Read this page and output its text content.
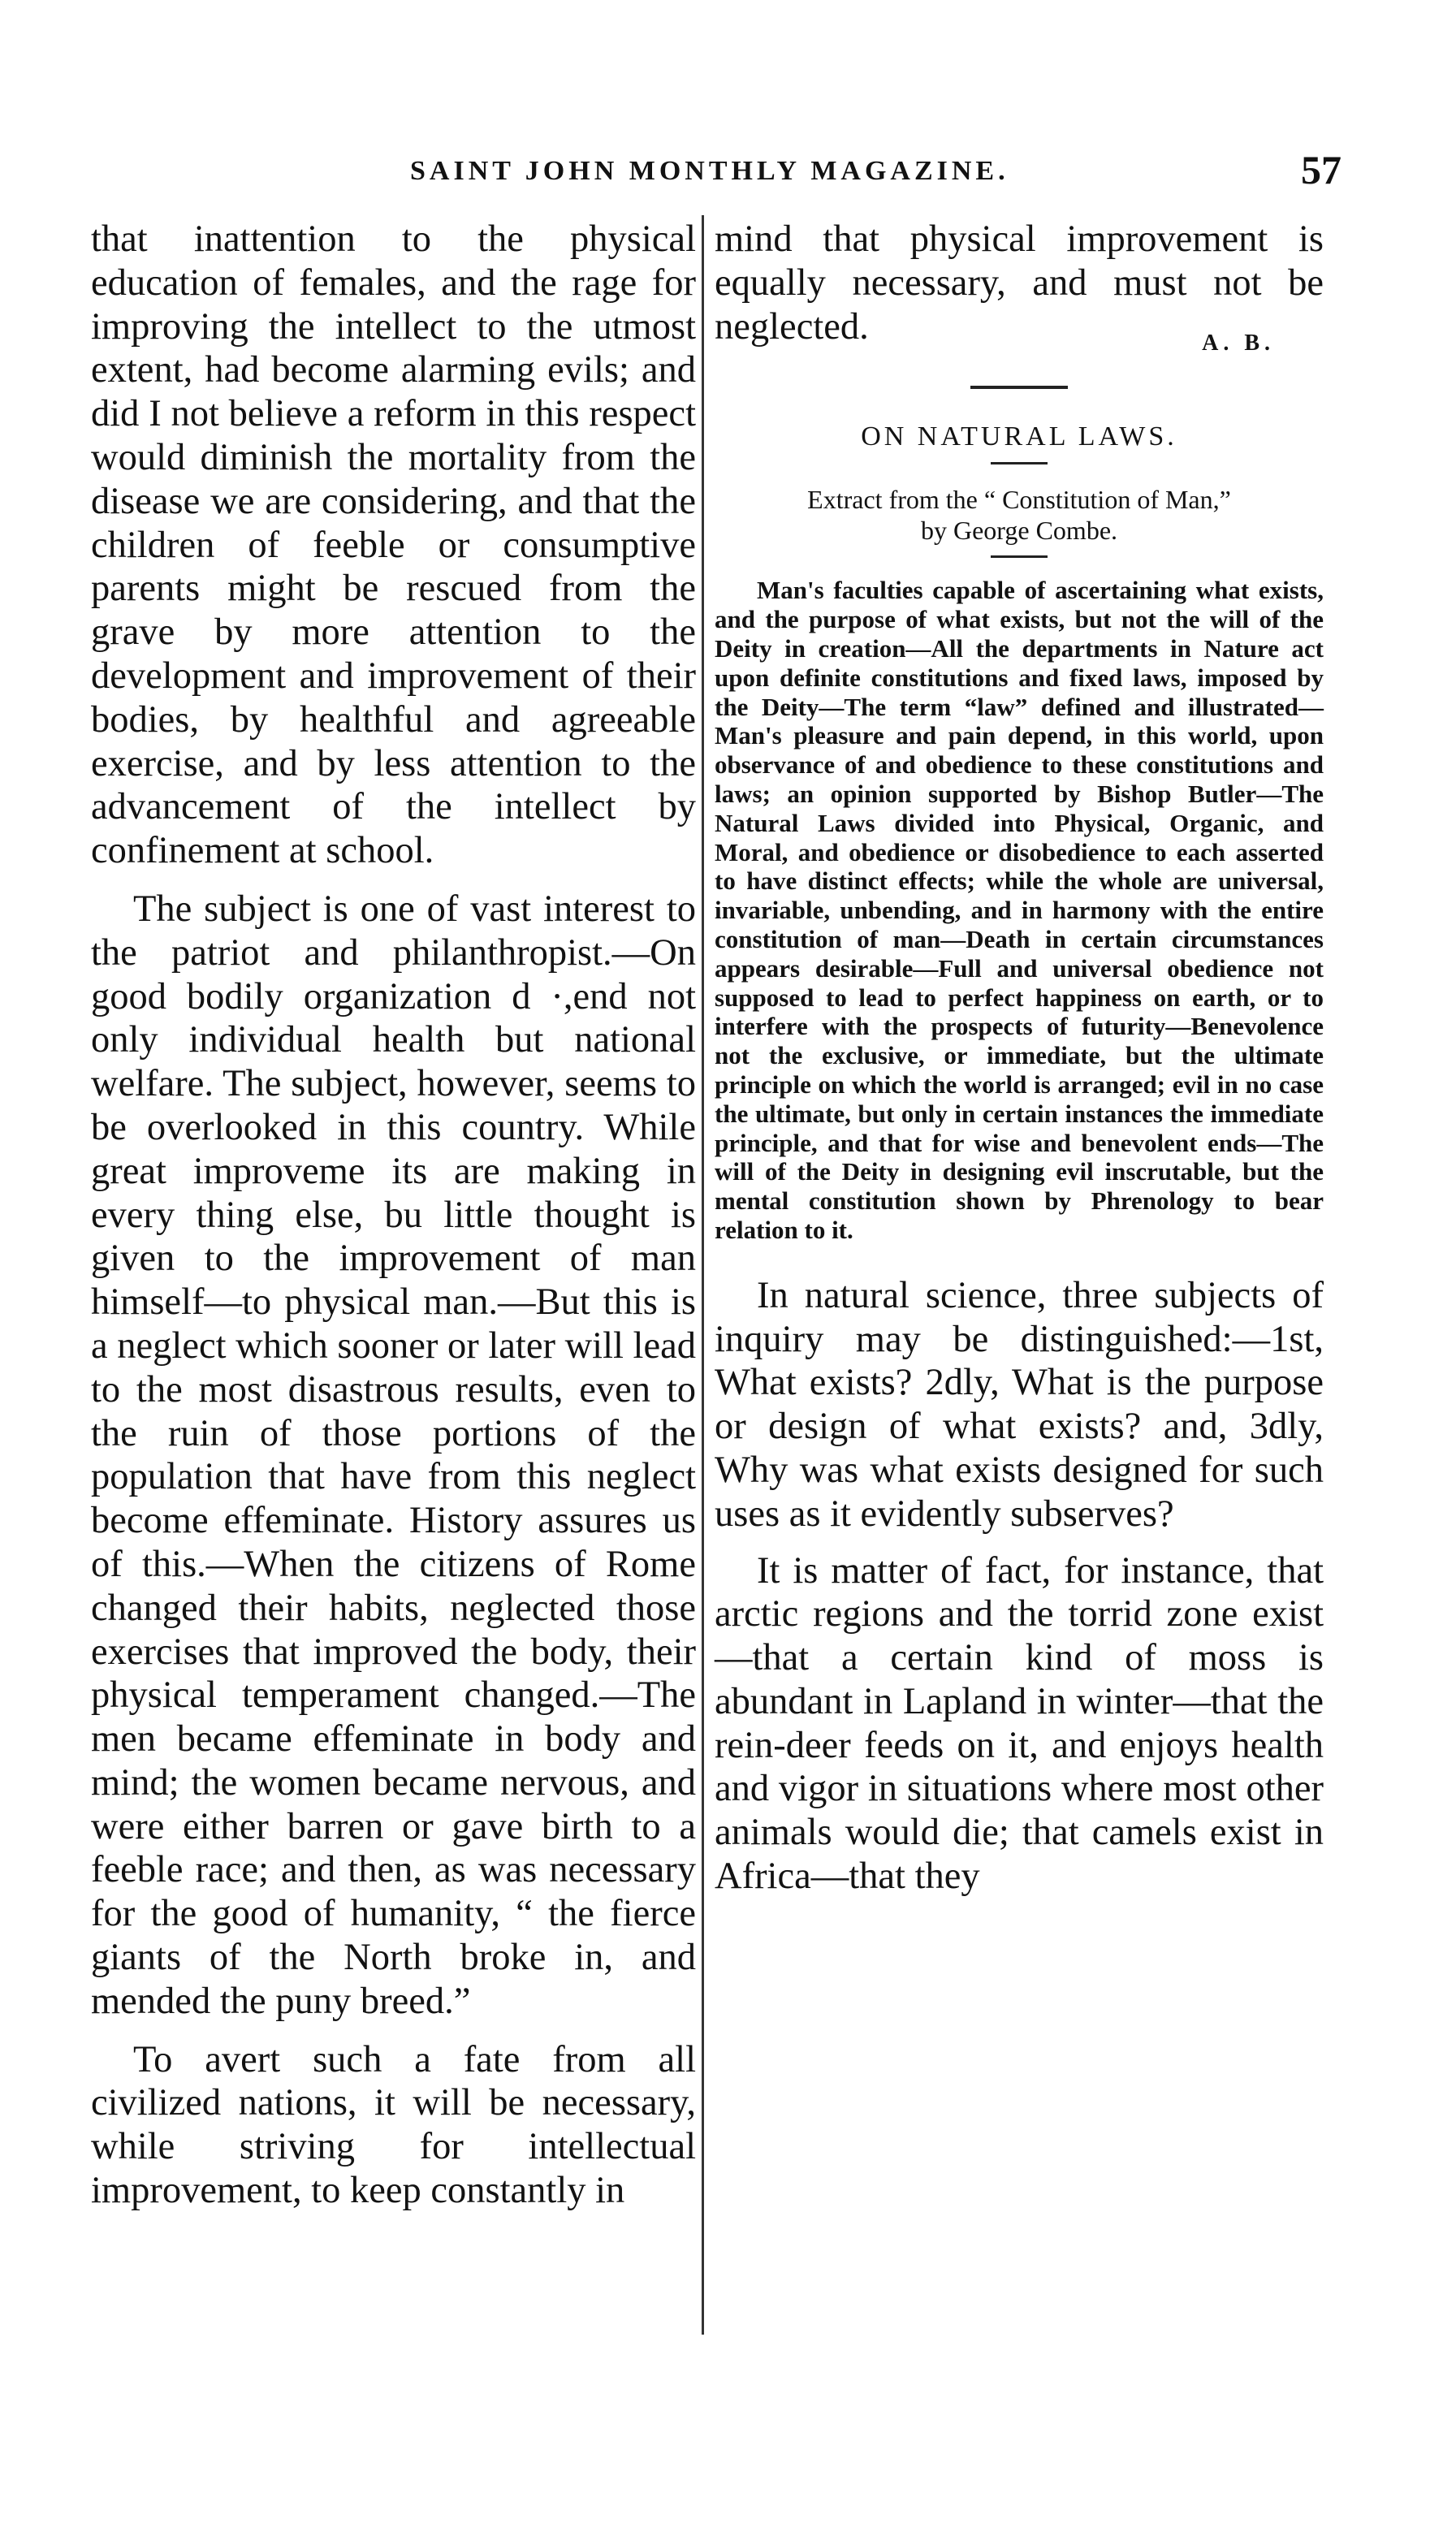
SAINT JOHN MONTHLY MAGAZINE.	57

that inattention to the physical education of females, and the rage for improving the intellect to the utmost extent, had become alarming evils; and did I not believe a reform in this respect would diminish the mortality from the disease we are considering, and that the children of feeble or consumptive parents might be rescued from the grave by more attention to the development and improvement of their bodies, by healthful and agreeable exercise, and by less attention to the advancement of the intellect by confinement at school.

The subject is one of vast interest to the patriot and philanthropist.—On good bodily organization d ·,end not only individual health but national welfare. The subject, however, seems to be overlooked in this country. While great improveme its are making in every thing else, bu little thought is given to the improvement of man himself—to physical man.—But this is a neglect which sooner or later will lead to the most disastrous results, even to the ruin of those portions of the population that have from this neglect become effeminate. History assures us of this.—When the citizens of Rome changed their habits, neglected those exercises that improved the body, their physical temperament changed.—The men became effeminate in body and mind; the women became nervous, and were either barren or gave birth to a feeble race; and then, as was necessary for the good of humanity, “ the fierce giants of the North broke in, and mended the puny breed.”

To avert such a fate from all civilized nations, it will be necessary, while striving for intellectual improvement, to keep constantly in

mind that physical improvement is equally necessary, and must not be neglected.	A. B.

ON NATURAL LAWS.
Extract from the “ Constitution of Man,”
by George Combe.

Man's faculties capable of ascertaining what exists, and the purpose of what exists, but not the will of the Deity in creation—All the departments in Nature act upon definite constitutions and fixed laws, imposed by the Deity—The term “law” defined and illustrated—Man's pleasure and pain depend, in this world, upon observance of and obedience to these constitutions and laws; an opinion supported by Bishop Butler—The Natural Laws divided into Physical, Organic, and Moral, and obedience or disobedience to each asserted to have distinct effects; while the whole are universal, invariable, unbending, and in harmony with the entire constitution of man—Death in certain circumstances appears desirable—Full and universal obedience not supposed to lead to perfect happiness on earth, or to interfere with the prospects of futurity—Benevolence not the exclusive, or immediate, but the ultimate principle on which the world is arranged; evil in no case the ultimate, but only in certain instances the immediate principle, and that for wise and benevolent ends—The will of the Deity in designing evil inscrutable, but the mental constitution shown by Phrenology to bear relation to it.

In natural science, three subjects of inquiry may be distinguished:—1st, What exists? 2dly, What is the purpose or design of what exists? and, 3dly, Why was what exists designed for such uses as it evidently subserves?

It is matter of fact, for instance, that arctic regions and the torrid zone exist—that a certain kind of moss is abundant in Lapland in winter—that the rein-deer feeds on it, and enjoys health and vigor in situations where most other animals would die; that camels exist in Africa—that they
